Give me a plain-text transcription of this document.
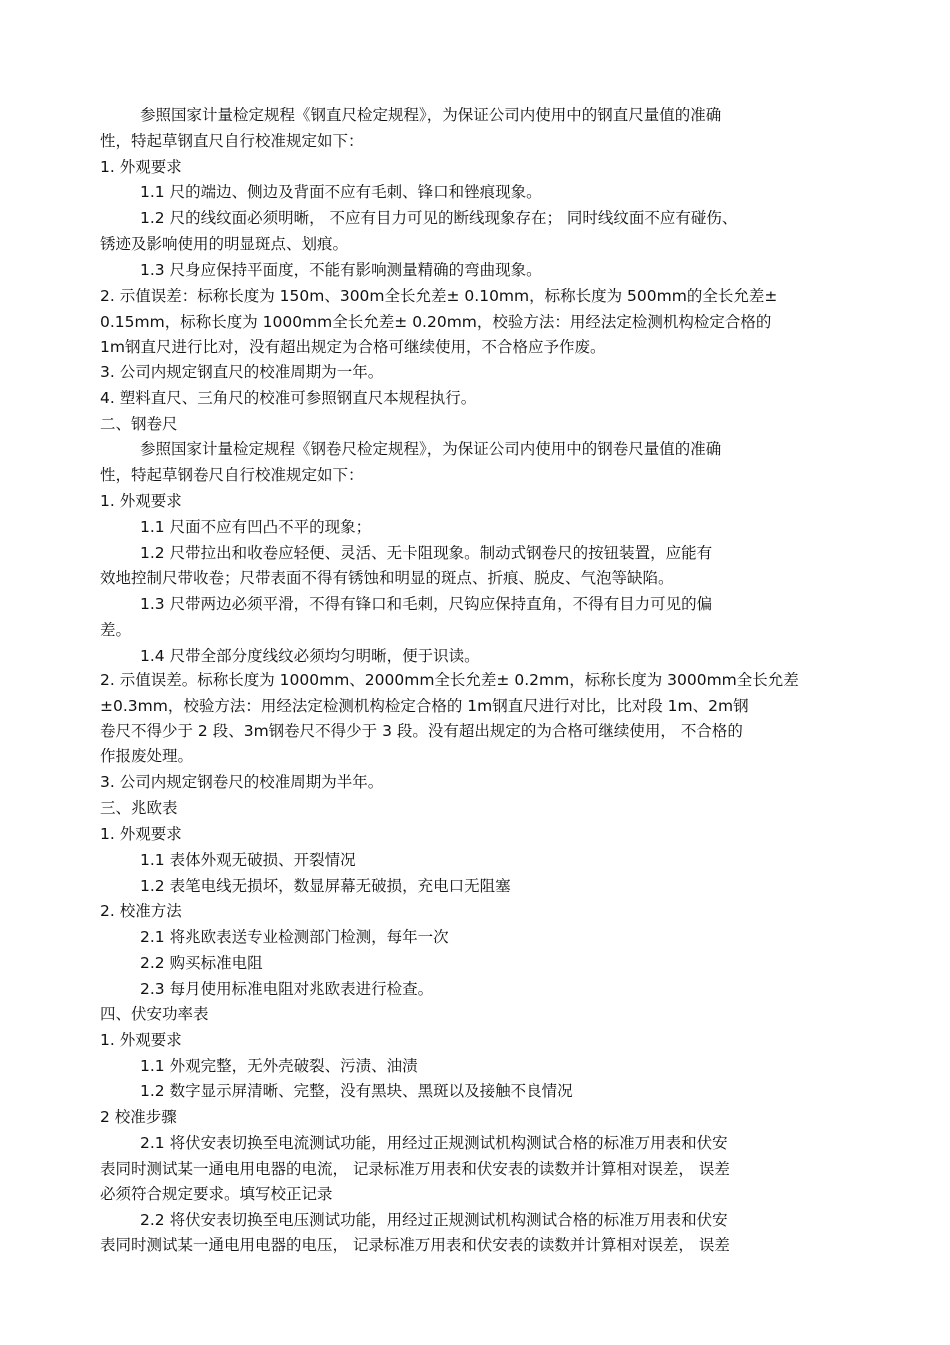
参照国家计量检定规程《钢直尺检定规程》，为保证公司内使用中的钢直尺量值的准确
性，特起草钢直尺自行校准规定如下：
1. 外观要求
1.1 尺的端边、侧边及背面不应有毛刺、锋口和锉痕现象。
1.2 尺的线纹面必须明晰， 不应有目力可见的断线现象存在； 同时线纹面不应有碰伤、
锈迹及影响使用的明显斑点、划痕。
1.3 尺身应保持平面度，不能有影响测量精确的弯曲现象。
2. 示值误差：标称长度为 150m、300m全长允差± 0.10mm，标称长度为 500mm的全长允差±
0.15mm，标称长度为 1000mm全长允差± 0.20mm，校验方法：用经法定检测机构检定合格的
1m钢直尺进行比对，没有超出规定为合格可继续使用，不合格应予作废。
3. 公司内规定钢直尺的校准周期为一年。
4. 塑料直尺、三角尺的校准可参照钢直尺本规程执行。
二、钢卷尺
参照国家计量检定规程《钢卷尺检定规程》，为保证公司内使用中的钢卷尺量值的准确
性，特起草钢卷尺自行校准规定如下：
1. 外观要求
1.1 尺面不应有凹凸不平的现象；
1.2 尺带拉出和收卷应轻便、灵活、无卡阻现象。制动式钢卷尺的按钮装置，应能有
效地控制尺带收卷；尺带表面不得有锈蚀和明显的斑点、折痕、脱皮、气泡等缺陷。
1.3 尺带两边必须平滑，不得有锋口和毛刺，尺钩应保持直角，不得有目力可见的偏
差。
1.4 尺带全部分度线纹必须均匀明晰，便于识读。
2. 示值误差。标称长度为 1000mm、2000mm全长允差± 0.2mm，标称长度为 3000mm全长允差
±0.3mm，校验方法：用经法定检测机构检定合格的 1m钢直尺进行对比，比对段 1m、2m钢
卷尺不得少于 2 段、3m钢卷尺不得少于 3 段。没有超出规定的为合格可继续使用， 不合格的
作报废处理。
3. 公司内规定钢卷尺的校准周期为半年。
三、兆欧表
1. 外观要求
1.1 表体外观无破损、开裂情况
1.2 表笔电线无损坏，数显屏幕无破损，充电口无阻塞
2. 校准方法
2.1 将兆欧表送专业检测部门检测，每年一次
2.2 购买标准电阻
2.3 每月使用标准电阻对兆欧表进行检查。
四、伏安功率表
1. 外观要求
1.1 外观完整，无外壳破裂、污渍、油渍
1.2 数字显示屏清晰、完整，没有黑块、黑斑以及接触不良情况
2 校准步骤
2.1 将伏安表切换至电流测试功能，用经过正规测试机构测试合格的标准万用表和伏安
表同时测试某一通电用电器的电流， 记录标准万用表和伏安表的读数并计算相对误差， 误差
必须符合规定要求。填写校正记录
2.2 将伏安表切换至电压测试功能，用经过正规测试机构测试合格的标准万用表和伏安
表同时测试某一通电用电器的电压， 记录标准万用表和伏安表的读数并计算相对误差， 误差
